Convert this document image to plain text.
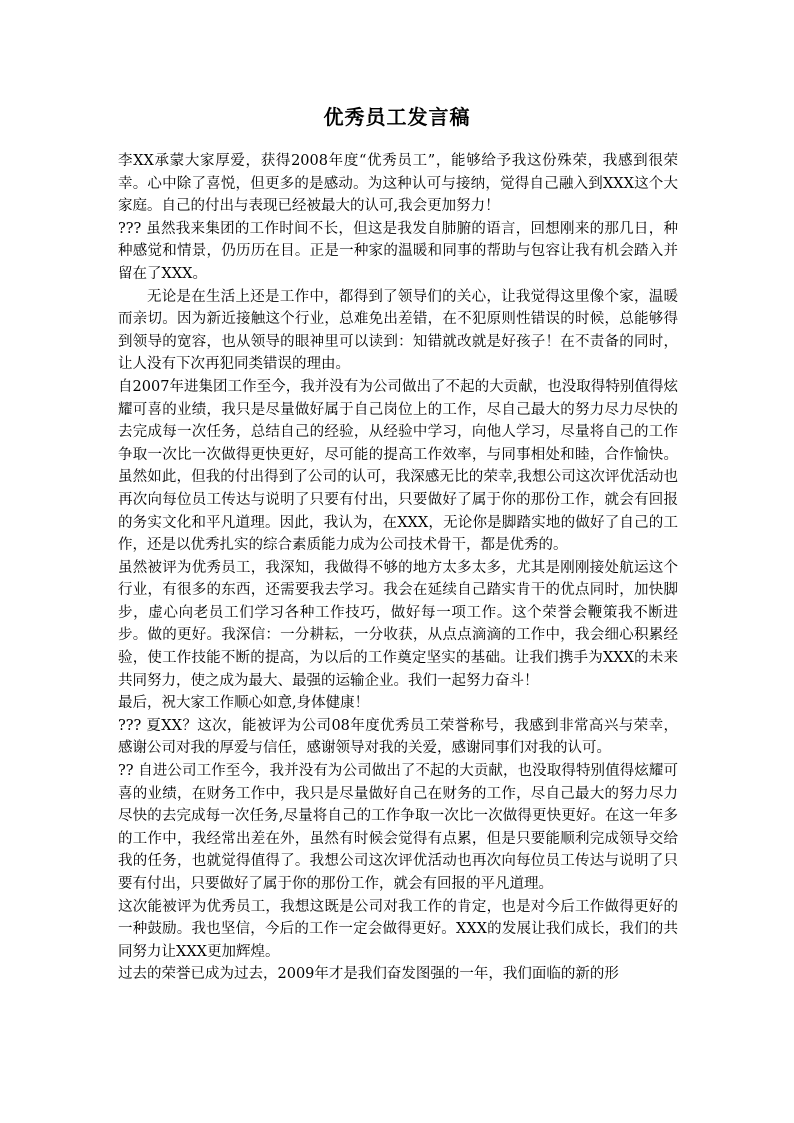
优秀员工发言稿

李XX承蒙大家厚爱，获得2008年度“优秀员工”，能够给予我这份殊荣，我感到很荣幸。心中除了喜悦，但更多的是感动。为这种认可与接纳，觉得自己融入到XXX这个大家庭。自己的付出与表现已经被最大的认可,我会更加努力！

??? 虽然我来集团的工作时间不长，但这是我发自肺腑的语言，回想刚来的那几日，种种感觉和情景，仍历历在目。正是一种家的温暖和同事的帮助与包容让我有机会踏入并留在了XXX。

无论是在生活上还是工作中，都得到了领导们的关心，让我觉得这里像个家，温暖而亲切。因为新近接触这个行业，总难免出差错，在不犯原则性错误的时候，总能够得到领导的宽容，也从领导的眼神里可以读到：知错就改就是好孩子！在不责备的同时，让人没有下次再犯同类错误的理由。

自2007年进集团工作至今，我并没有为公司做出了不起的大贡献，也没取得特别值得炫耀可喜的业绩，我只是尽量做好属于自己岗位上的工作，尽自己最大的努力尽力尽快的去完成每一次任务，总结自己的经验，从经验中学习，向他人学习，尽量将自己的工作争取一次比一次做得更快更好，尽可能的提高工作效率，与同事相处和睦，合作愉快。虽然如此，但我的付出得到了公司的认可，我深感无比的荣幸,我想公司这次评优活动也再次向每位员工传达与说明了只要有付出，只要做好了属于你的那份工作，就会有回报的务实文化和平凡道理。因此，我认为，在XXX，无论你是脚踏实地的做好了自己的工作，还是以优秀扎实的综合素质能力成为公司技术骨干，都是优秀的。

虽然被评为优秀员工，我深知，我做得不够的地方太多太多，尤其是刚刚接处航运这个行业，有很多的东西，还需要我去学习。我会在延续自己踏实肯干的优点同时，加快脚步，虚心向老员工们学习各种工作技巧，做好每一项工作。这个荣誉会鞭策我不断进步。做的更好。我深信：一分耕耘，一分收获，从点点滴滴的工作中，我会细心积累经验，使工作技能不断的提高，为以后的工作奠定坚实的基础。让我们携手为XXX的未来共同努力，使之成为最大、最强的运输企业。我们一起努力奋斗！

最后，祝大家工作顺心如意,身体健康！

??? 夏XX？这次，能被评为公司08年度优秀员工荣誉称号，我感到非常高兴与荣幸，感谢公司对我的厚爱与信任，感谢领导对我的关爱，感谢同事们对我的认可。

?? 自进公司工作至今，我并没有为公司做出了不起的大贡献，也没取得特别值得炫耀可喜的业绩，在财务工作中，我只是尽量做好自己在财务的工作，尽自己最大的努力尽力尽快的去完成每一次任务,尽量将自己的工作争取一次比一次做得更快更好。在这一年多的工作中，我经常出差在外，虽然有时候会觉得有点累，但是只要能顺利完成领导交给我的任务，也就觉得值得了。我想公司这次评优活动也再次向每位员工传达与说明了只要有付出，只要做好了属于你的那份工作，就会有回报的平凡道理。

这次能被评为优秀员工，我想这既是公司对我工作的肯定，也是对今后工作做得更好的一种鼓励。我也坚信，今后的工作一定会做得更好。XXX的发展让我们成长，我们的共同努力让XXX更加辉煌。

过去的荣誉已成为过去，2009年才是我们奋发图强的一年，我们面临的新的形
